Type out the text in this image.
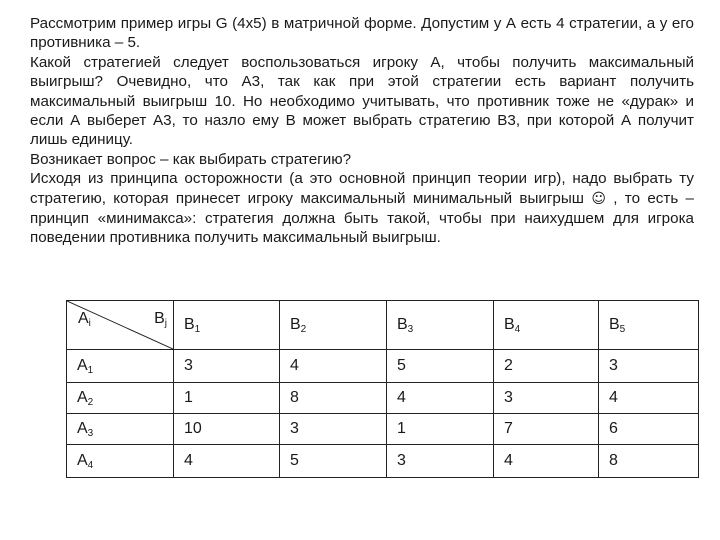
Рассмотрим пример игры G (4х5) в матричной форме. Допустим у А есть 4 стратегии, а у его противника – 5.

Какой стратегией следует воспользоваться игроку А, чтобы получить максимальный выигрыш? Очевидно, что А3, так как при этой стратегии есть вариант получить максимальный выигрыш 10. Но необходимо учитывать, что противник тоже не «дурак» и если А выберет А3, то назло ему В может выбрать стратегию В3, при которой А получит лишь единицу.

Возникает вопрос – как выбирать стратегию?

Исходя из принципа осторожности (а это основной принцип теории игр), надо выбрать ту стратегию, которая принесет игроку максимальный минимальный выигрыш ☺ , то есть – принцип «минимакса»: стратегия должна быть такой, чтобы при наихудшем для игрока поведении противника получить максимальный выигрыш.

$A_i$ $B_j$	$B_1$	$B_2$	$B_3$	$B_4$	$B_5$
$A_1$	3	4	5	2	3
$A_2$	1	8	4	3	4
$A_3$	10	3	1	7	6
$A_4$	4	5	3	4	8
